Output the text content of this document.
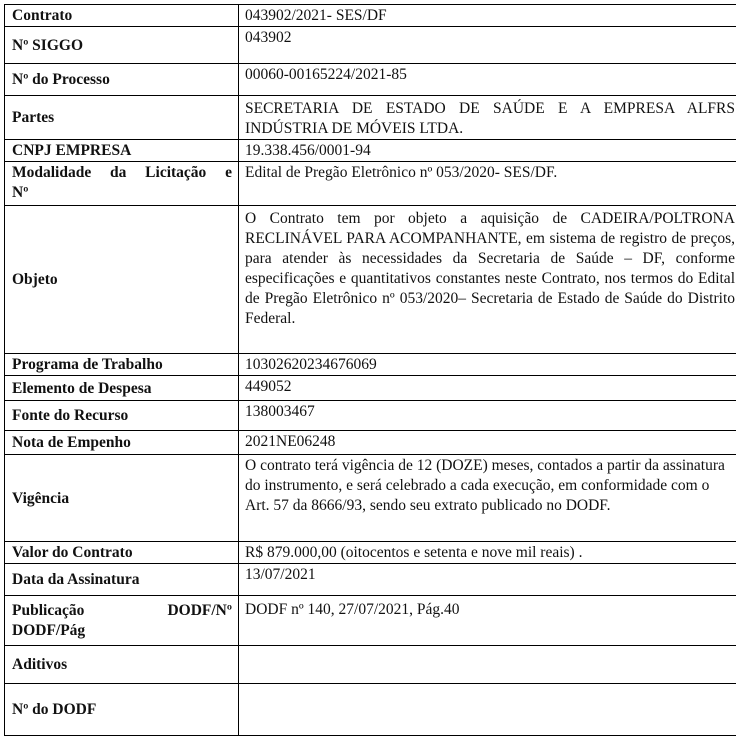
Contrato	043902/2021- SES/DF
Nº SIGGO	043902
Nº do Processo	00060-00165224/2021-85
Partes	SECRETARIA DE ESTADO DE SAÚDE E A EMPRESA ALFRS INDÚSTRIA DE MÓVEIS LTDA.
CNPJ EMPRESA	19.338.456/0001-94

Modalidade da Licitação e
Nº	Edital de Pregão Eletrônico nº 053/2020- SES/DF.
Objeto	O Contrato tem por objeto a aquisição de CADEIRA/POLTRONA RECLINÁVEL PARA ACOMPANHANTE, em sistema de registro de preços, para atender às necessidades da Secretaria de Saúde – DF, conforme especificações e quantitativos constantes neste Contrato, nos termos do Edital de Pregão Eletrônico nº 053/2020– Secretaria de Estado de Saúde do Distrito Federal.
Programa de Trabalho	10302620234676069
Elemento de Despesa	449052
Fonte do Recurso	138003467
Nota de Empenho	2021NE06248
Vigência	O contrato terá vigência de 12 (DOZE) meses, contados a partir da assinatura do instrumento, e será celebrado a cada execução, em conformidade com o Art. 57 da 8666/93, sendo seu extrato publicado no DODF.
Valor do Contrato	R$ 879.000,00 (oitocentos e setenta e nove mil reais) .
Data da Assinatura	13/07/2021

Publicação DODF/Nº
DODF/Pág	DODF nº 140, 27/07/2021, Pág.40
Aditivos	
Nº do DODF	
